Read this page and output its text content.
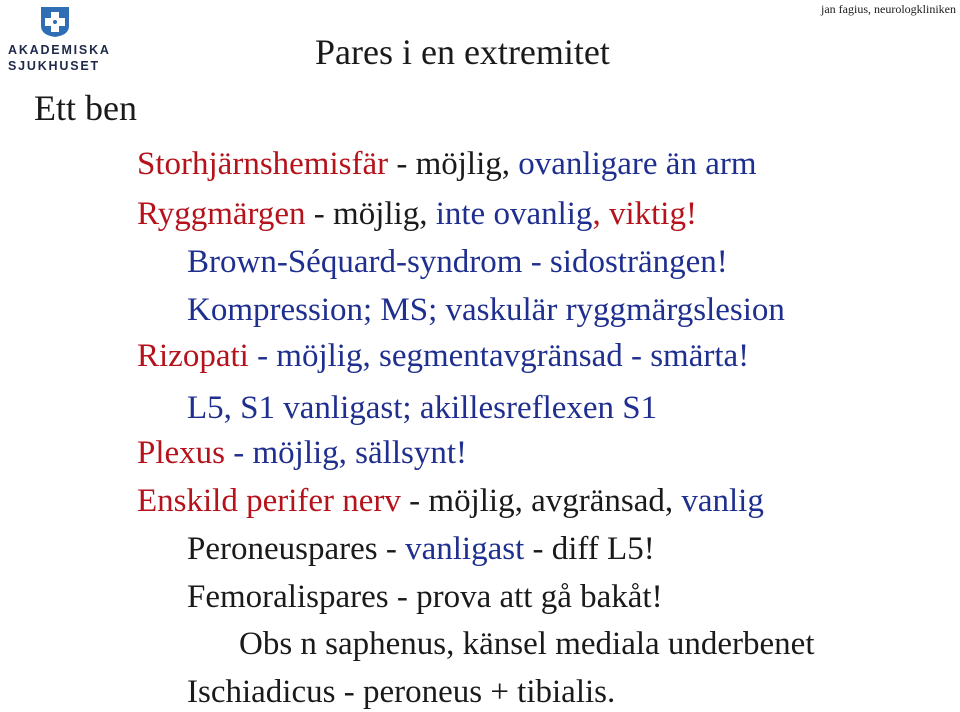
AKADEMISKA
SJUKHUSET
jan fagius, neurologkliniken
Pares i en extremitet
Ett ben
Storhjärnshemisfär - möjlig, ovanligare än arm
Ryggmärgen - möjlig, inte ovanlig, viktig!
Brown-Séquard-syndrom - sidosträngen!
Kompression; MS; vaskulär ryggmärgslesion
Rizopati - möjlig, segmentavgränsad - smärta!
L5, S1 vanligast; akillesreflexen S1
Plexus - möjlig, sällsynt!
Enskild perifer nerv - möjlig, avgränsad, vanlig
Peroneuspares - vanligast - diff L5!
Femoralispares - prova att gå bakåt!
Obs n saphenus, känsel mediala underbenet
Ischiadicus - peroneus + tibialis.
